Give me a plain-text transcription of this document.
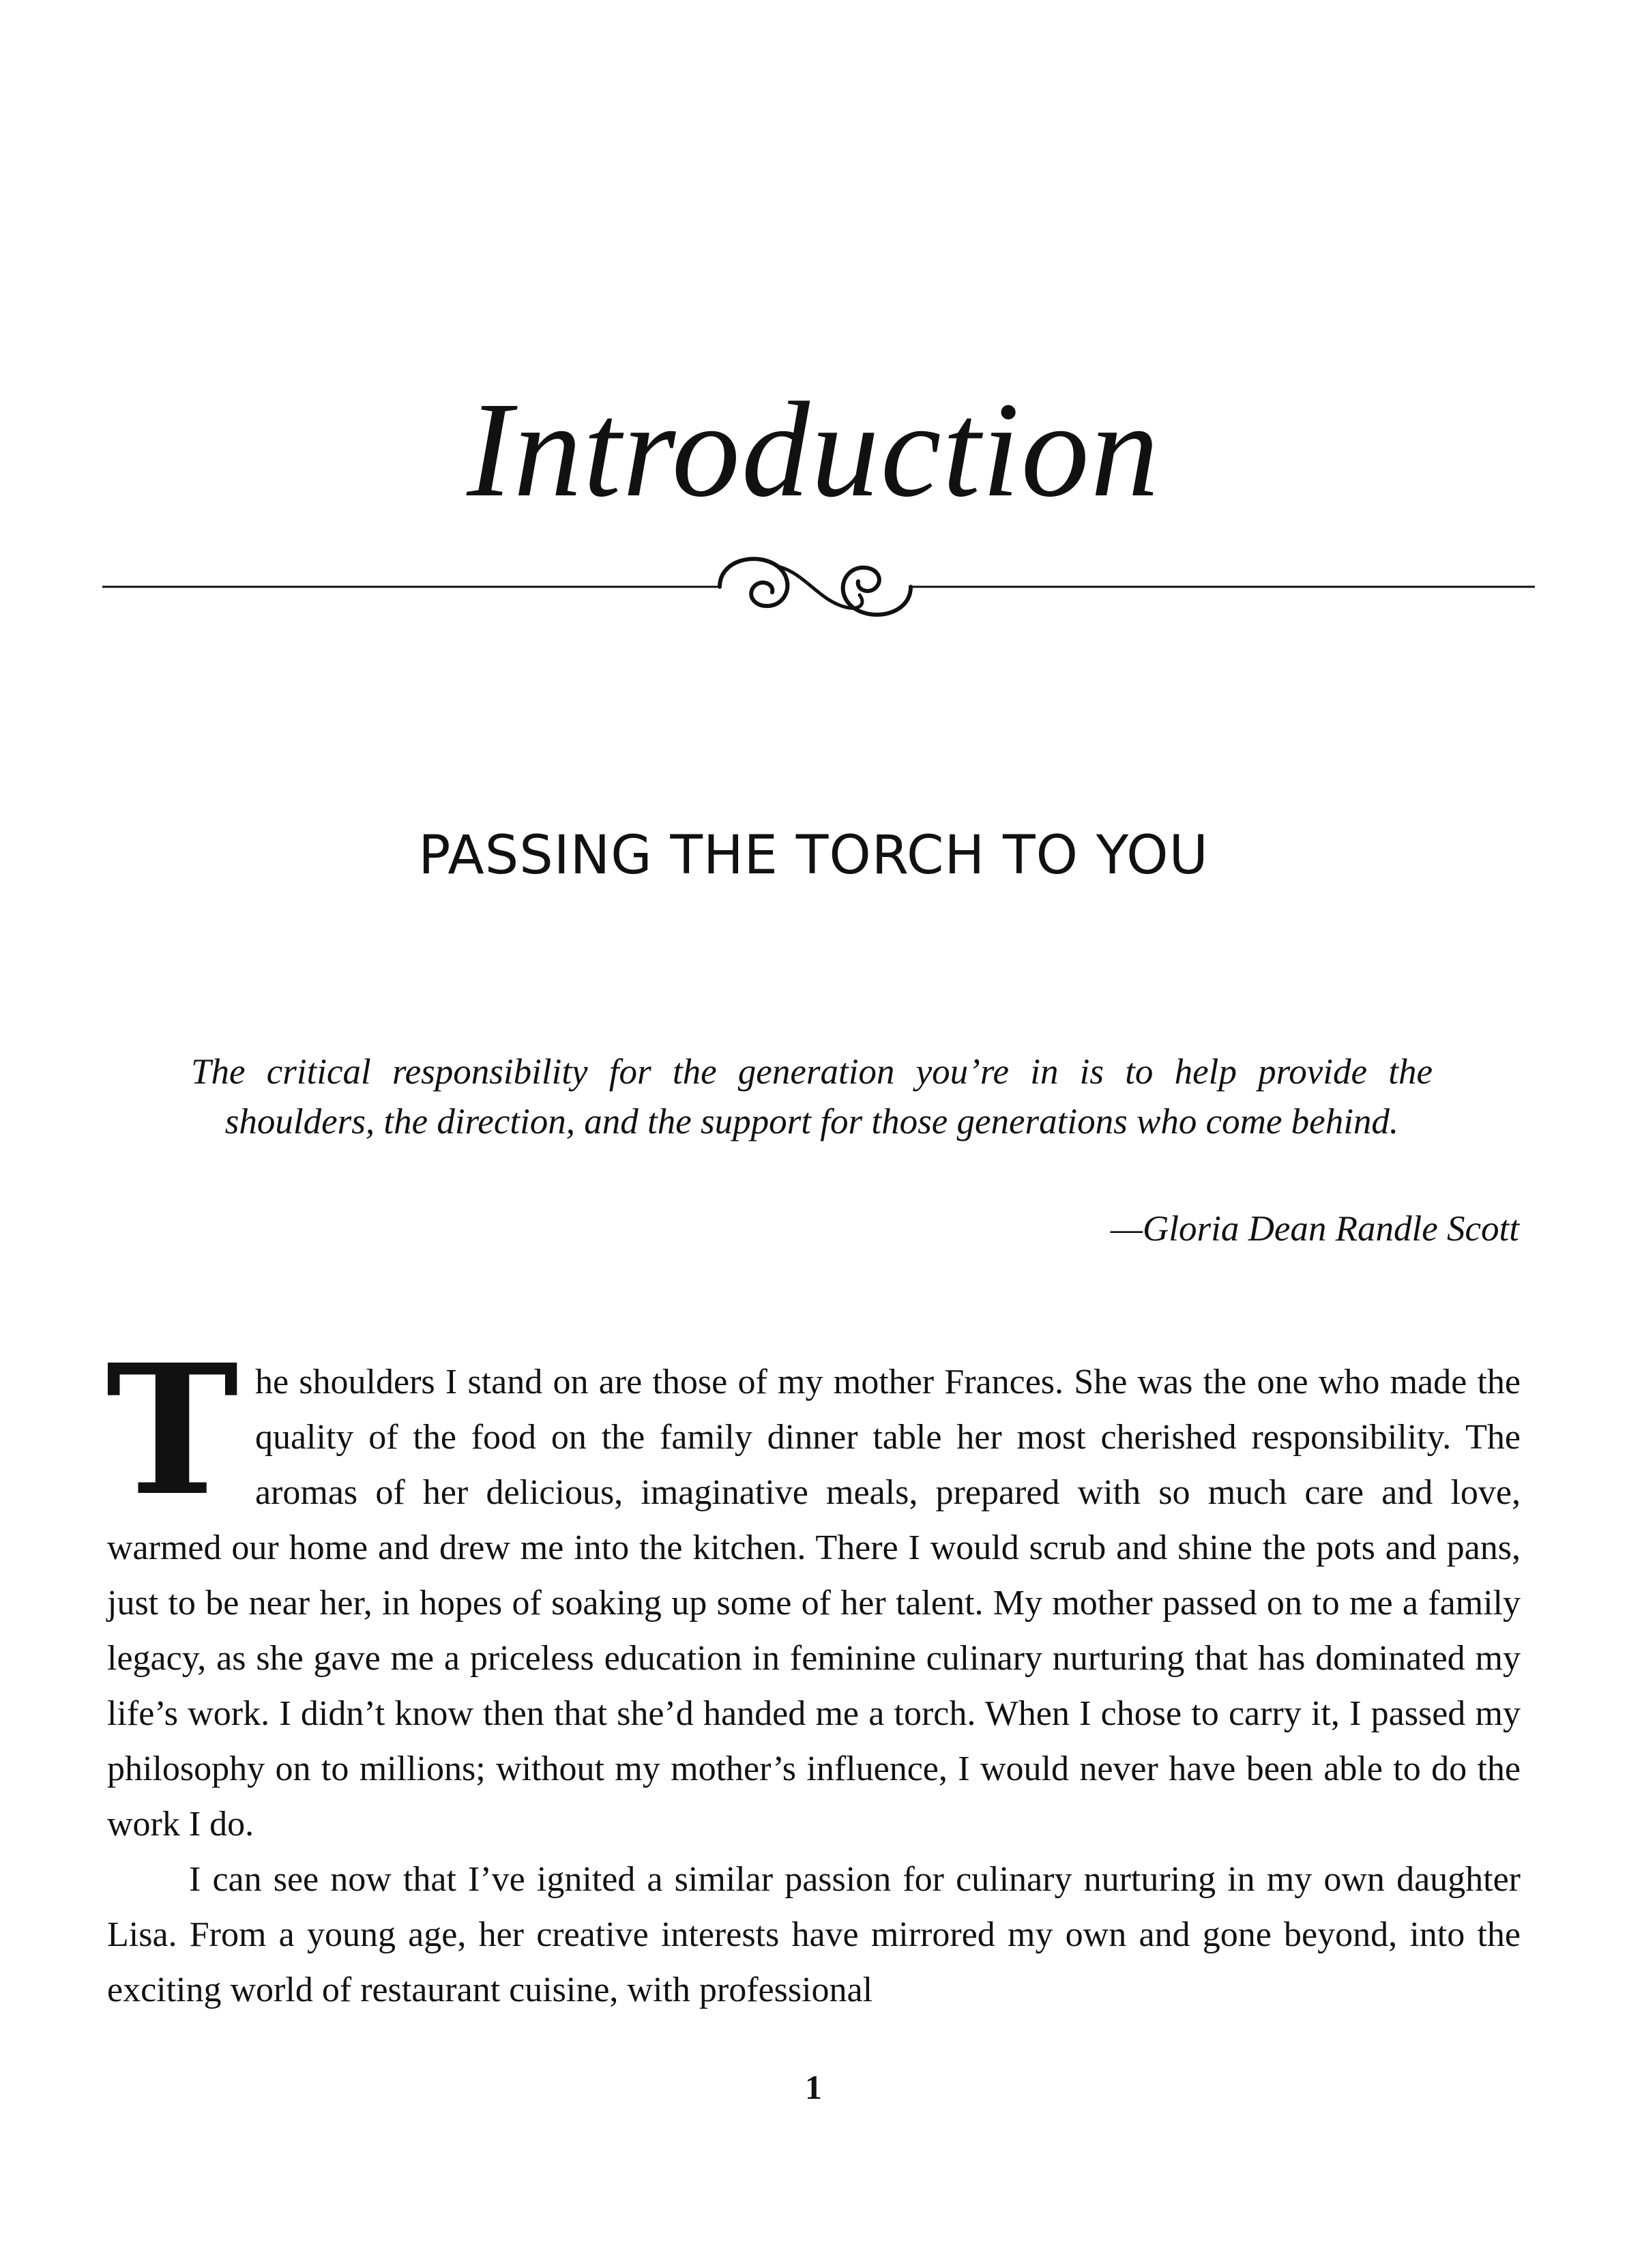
Introduction
PASSING THE TORCH TO YOU

The critical responsibility for the generation you’re in is to help provide the shoulders, the direction, and the support for those generations who come behind.

—Gloria Dean Randle Scott

The shoulders I stand on are those of my mother Frances. She was the one who made the quality of the food on the family dinner table her most cherished responsibility. The aromas of her delicious, imaginative meals, prepared with so much care and love, warmed our home and drew me into the kitchen. There I would scrub and shine the pots and pans, just to be near her, in hopes of soaking up some of her talent. My mother passed on to me a family legacy, as she gave me a priceless education in feminine culinary nurturing that has dominated my life’s work. I didn’t know then that she’d handed me a torch. When I chose to carry it, I passed my philosophy on to millions; without my mother’s influence, I would never have been able to do the work I do.

I can see now that I’ve ignited a similar passion for culinary nurturing in my own daughter Lisa. From a young age, her creative interests have mirrored my own and gone beyond, into the exciting world of restaurant cuisine, with professional

1
